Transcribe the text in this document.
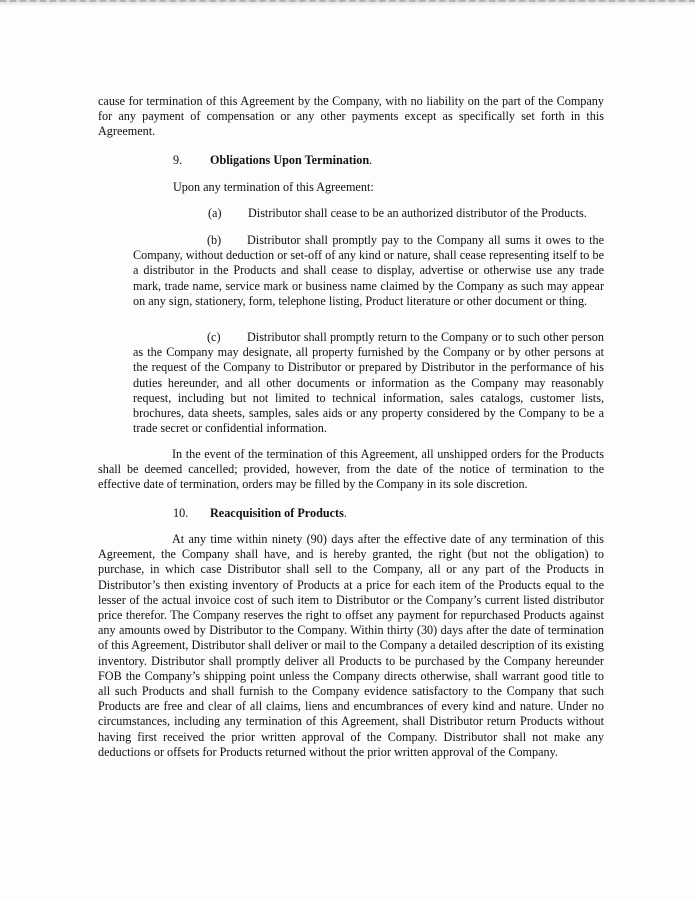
cause for termination of this Agreement by the Company, with no liability on the part of the Company for any payment of compensation or any other payments except as specifically set forth in this Agreement.

9. Obligations Upon Termination.

Upon any termination of this Agreement:

(a) Distributor shall cease to be an authorized distributor of the Products.

(b) Distributor shall promptly pay to the Company all sums it owes to the Company, without deduction or set-off of any kind or nature, shall cease representing itself to be a distributor in the Products and shall cease to display, advertise or otherwise use any trade mark, trade name, service mark or business name claimed by the Company as such may appear on any sign, stationery, form, telephone listing, Product literature or other document or thing.

(c) Distributor shall promptly return to the Company or to such other person as the Company may designate, all property furnished by the Company or by other persons at the request of the Company to Distributor or prepared by Distributor in the performance of his duties hereunder, and all other documents or information as the Company may reasonably request, including but not limited to technical information, sales catalogs, customer lists, brochures, data sheets, samples, sales aids or any property considered by the Company to be a trade secret or confidential information.

In the event of the termination of this Agreement, all unshipped orders for the Products shall be deemed cancelled; provided, however, from the date of the notice of termination to the effective date of termination, orders may be filled by the Company in its sole discretion.

10. Reacquisition of Products.

At any time within ninety (90) days after the effective date of any termination of this Agreement, the Company shall have, and is hereby granted, the right (but not the obligation) to purchase, in which case Distributor shall sell to the Company, all or any part of the Products in Distributor’s then existing inventory of Products at a price for each item of the Products equal to the lesser of the actual invoice cost of such item to Distributor or the Company’s current listed distributor price therefor. The Company reserves the right to offset any payment for repurchased Products against any amounts owed by Distributor to the Company. Within thirty (30) days after the date of termination of this Agreement, Distributor shall deliver or mail to the Company a detailed description of its existing inventory. Distributor shall promptly deliver all Products to be purchased by the Company hereunder FOB the Company’s shipping point unless the Company directs otherwise, shall warrant good title to all such Products and shall furnish to the Company evidence satisfactory to the Company that such Products are free and clear of all claims, liens and encumbrances of every kind and nature. Under no circumstances, including any termination of this Agreement, shall Distributor return Products without having first received the prior written approval of the Company. Distributor shall not make any deductions or offsets for Products returned without the prior written approval of the Company.
